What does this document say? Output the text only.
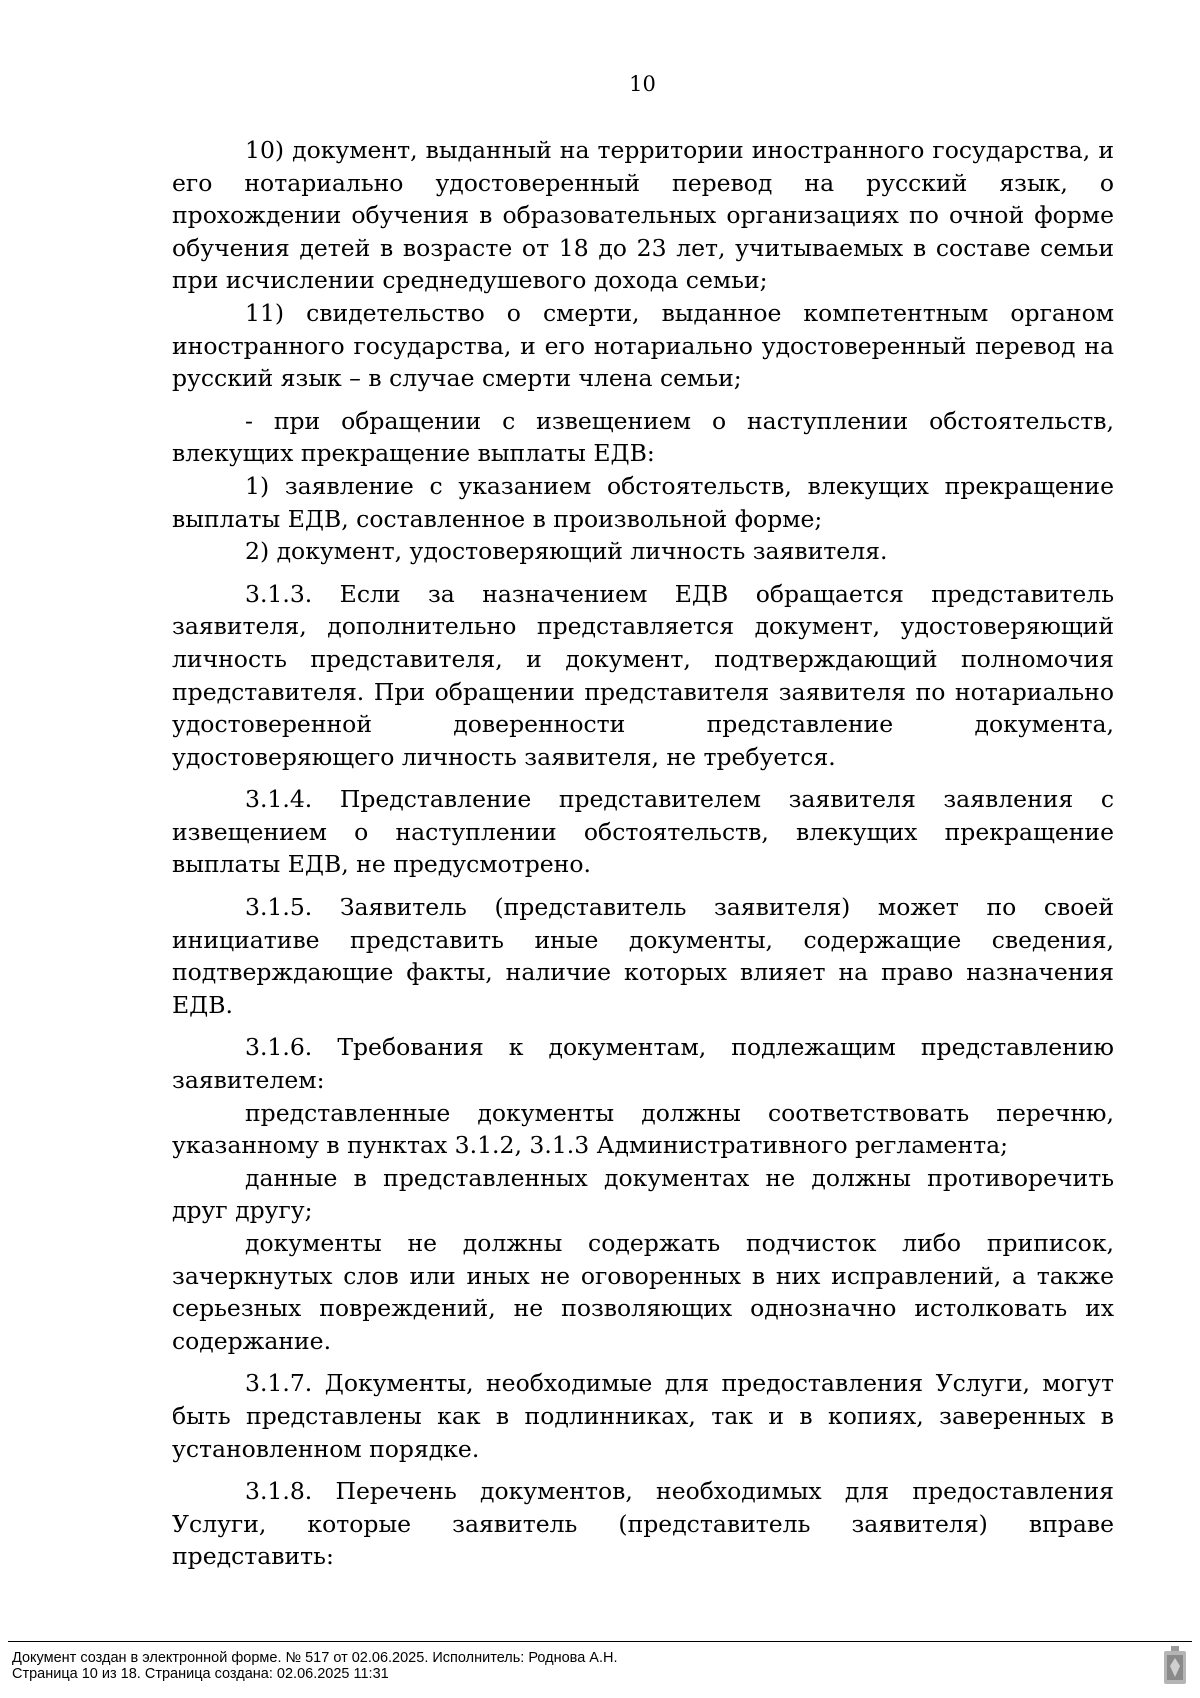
10

10) документ, выданный на территории иностранного государства, и его нотариально удостоверенный перевод на русский язык, о прохождении обучения в образовательных организациях по очной форме обучения детей в возрасте от 18 до 23 лет, учитываемых в составе семьи при исчислении среднедушевого дохода семьи;

11) свидетельство о смерти, выданное компетентным органом иностранного государства, и его нотариально удостоверенный перевод на русский язык – в случае смерти члена семьи;

- при обращении с извещением о наступлении обстоятельств, влекущих прекращение выплаты ЕДВ:

1) заявление с указанием обстоятельств, влекущих прекращение выплаты ЕДВ, составленное в произвольной форме;

2) документ, удостоверяющий личность заявителя.

3.1.3. Если за назначением ЕДВ обращается представитель заявителя, дополнительно представляется документ, удостоверяющий личность представителя, и документ, подтверждающий полномочия представителя. При обращении представителя заявителя по нотариально удостоверенной доверенности представление документа, удостоверяющего личность заявителя, не требуется.

3.1.4. Представление представителем заявителя заявления с извещением о наступлении обстоятельств, влекущих прекращение выплаты ЕДВ, не предусмотрено.

3.1.5. Заявитель (представитель заявителя) может по своей инициативе представить иные документы, содержащие сведения, подтверждающие факты, наличие которых влияет на право назначения ЕДВ.

3.1.6. Требования к документам, подлежащим представлению заявителем:

представленные документы должны соответствовать перечню, указанному в пунктах 3.1.2, 3.1.3 Административного регламента;

данные в представленных документах не должны противоречить друг другу;

документы не должны содержать подчисток либо приписок, зачеркнутых слов или иных не оговоренных в них исправлений, а также серьезных повреждений, не позволяющих однозначно истолковать их содержание.

3.1.7. Документы, необходимые для предоставления Услуги, могут быть представлены как в подлинниках, так и в копиях, заверенных в установленном порядке.

3.1.8. Перечень документов, необходимых для предоставления Услуги, которые заявитель (представитель заявителя) вправе представить:

Документ создан в электронной форме. № 517 от 02.06.2025. Исполнитель: Роднова А.Н.
Страница 10 из 18. Страница создана: 02.06.2025 11:31
